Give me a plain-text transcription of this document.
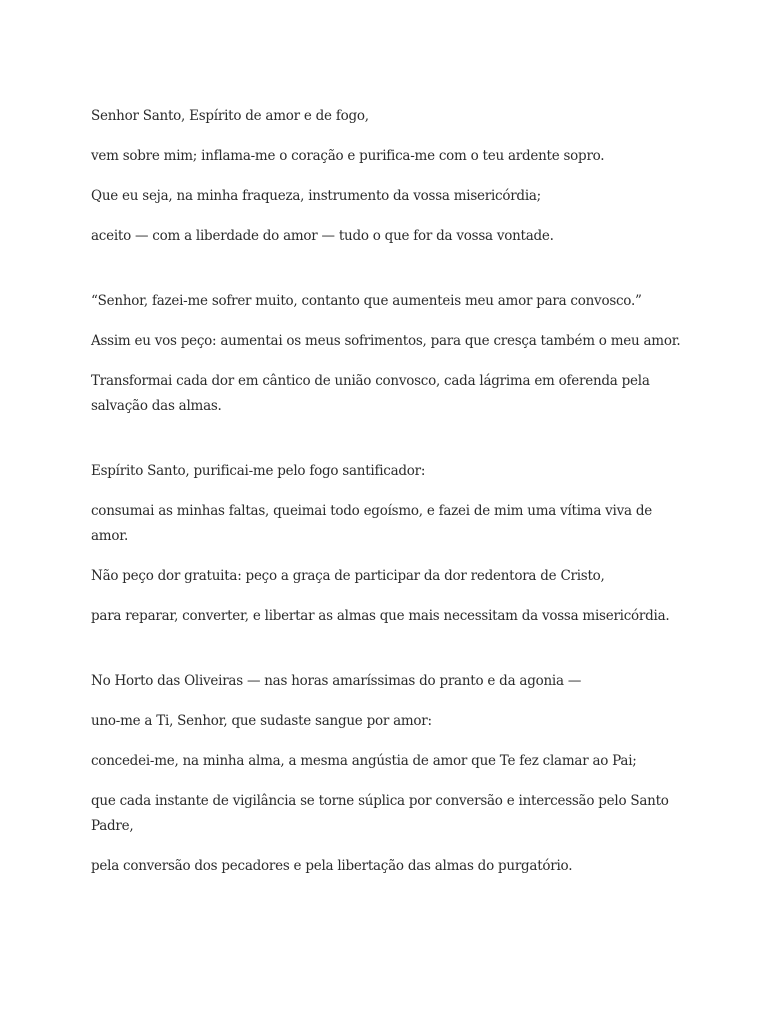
Senhor Santo, Espírito de amor e de fogo,

vem sobre mim; inflama-me o coração e purifica-me com o teu ardente sopro.

Que eu seja, na minha fraqueza, instrumento da vossa misericórdia;

aceito — com a liberdade do amor — tudo o que for da vossa vontade.

“Senhor, fazei-me sofrer muito, contanto que aumenteis meu amor para convosco.”

Assim eu vos peço: aumentai os meus sofrimentos, para que cresça também o meu amor.

Transformai cada dor em cântico de união convosco, cada lágrima em oferenda pela salvação das almas.

Espírito Santo, purificai-me pelo fogo santificador:

consumai as minhas faltas, queimai todo egoísmo, e fazei de mim uma vítima viva de amor.

Não peço dor gratuita: peço a graça de participar da dor redentora de Cristo,

para reparar, converter, e libertar as almas que mais necessitam da vossa misericórdia.

No Horto das Oliveiras — nas horas amaríssimas do pranto e da agonia —

uno-me a Ti, Senhor, que sudaste sangue por amor:

concedei-me, na minha alma, a mesma angústia de amor que Te fez clamar ao Pai;

que cada instante de vigilância se torne súplica por conversão e intercessão pelo Santo Padre,

pela conversão dos pecadores e pela libertação das almas do purgatório.
